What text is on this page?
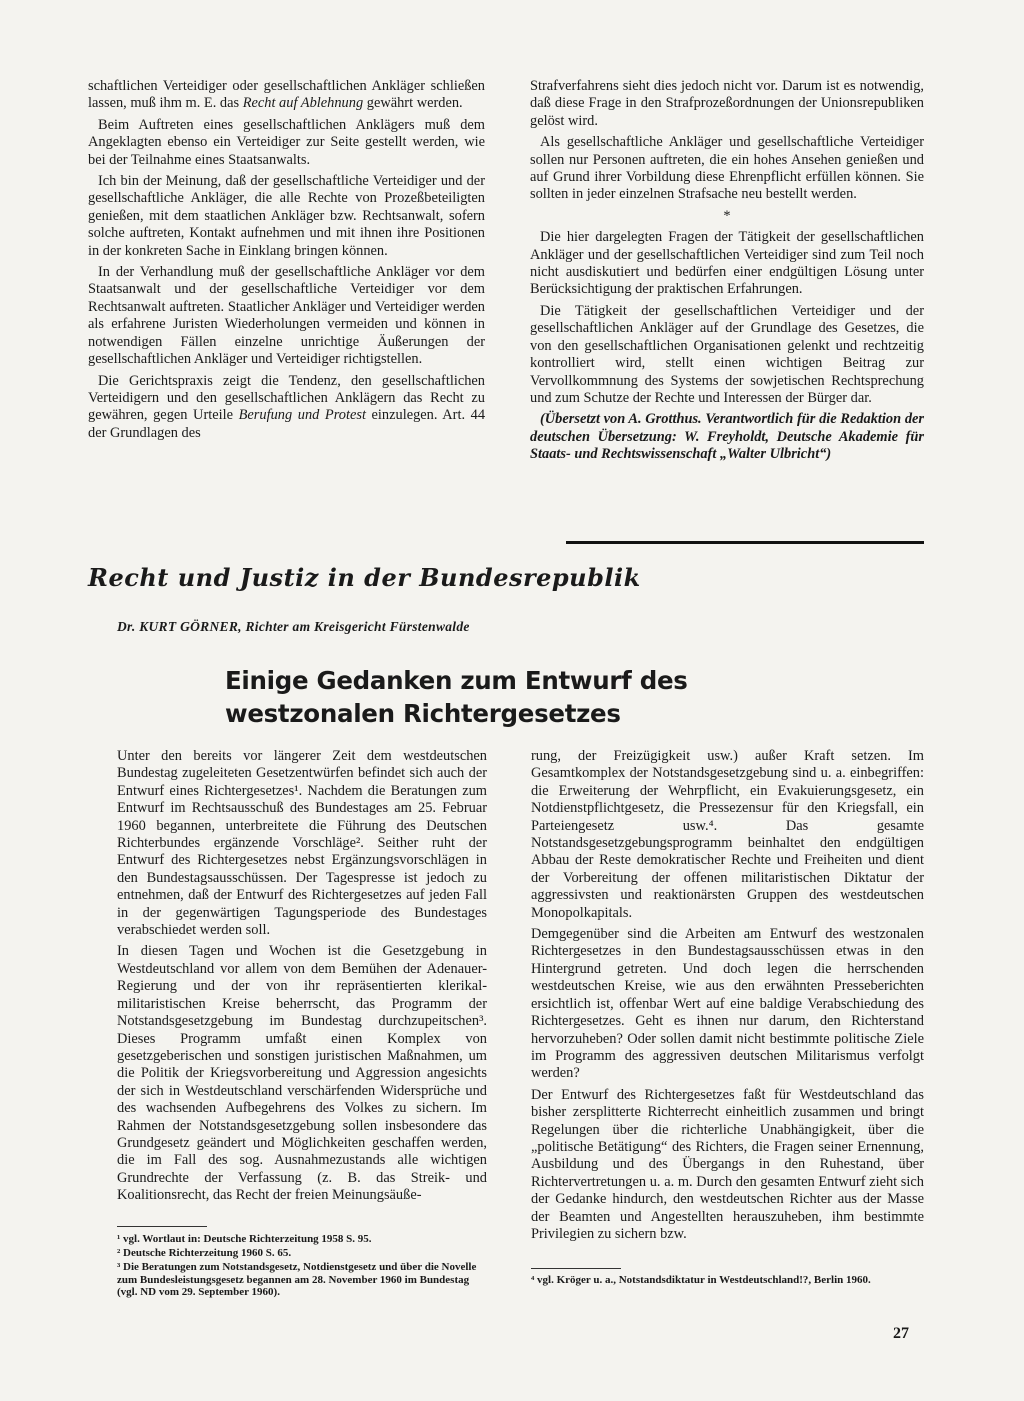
schaftlichen Verteidiger oder gesellschaftlichen Ankläger schließen lassen, muß ihm m. E. das Recht auf Ablehnung gewährt werden.

Beim Auftreten eines gesellschaftlichen Anklägers muß dem Angeklagten ebenso ein Verteidiger zur Seite gestellt werden, wie bei der Teilnahme eines Staatsanwalts.

Ich bin der Meinung, daß der gesellschaftliche Verteidiger und der gesellschaftliche Ankläger, die alle Rechte von Prozeßbeteiligten genießen, mit dem staatlichen Ankläger bzw. Rechtsanwalt, sofern solche auftreten, Kontakt aufnehmen und mit ihnen ihre Positionen in der konkreten Sache in Einklang bringen können.

In der Verhandlung muß der gesellschaftliche Ankläger vor dem Staatsanwalt und der gesellschaftliche Verteidiger vor dem Rechtsanwalt auftreten. Staatlicher Ankläger und Verteidiger werden als erfahrene Juristen Wiederholungen vermeiden und können in notwendigen Fällen einzelne unrichtige Äußerungen der gesellschaftlichen Ankläger und Verteidiger richtigstellen.

Die Gerichtspraxis zeigt die Tendenz, den gesellschaftlichen Verteidigern und den gesellschaftlichen Anklägern das Recht zu gewähren, gegen Urteile Berufung und Protest einzulegen. Art. 44 der Grundlagen des

Strafverfahrens sieht dies jedoch nicht vor. Darum ist es notwendig, daß diese Frage in den Strafprozeßordnungen der Unionsrepubliken gelöst wird.

Als gesellschaftliche Ankläger und gesellschaftliche Verteidiger sollen nur Personen auftreten, die ein hohes Ansehen genießen und auf Grund ihrer Vorbildung diese Ehrenpflicht erfüllen können. Sie sollten in jeder einzelnen Strafsache neu bestellt werden.

*

Die hier dargelegten Fragen der Tätigkeit der gesellschaftlichen Ankläger und der gesellschaftlichen Verteidiger sind zum Teil noch nicht ausdiskutiert und bedürfen einer endgültigen Lösung unter Berücksichtigung der praktischen Erfahrungen.

Die Tätigkeit der gesellschaftlichen Verteidiger und der gesellschaftlichen Ankläger auf der Grundlage des Gesetzes, die von den gesellschaftlichen Organisationen gelenkt und rechtzeitig kontrolliert wird, stellt einen wichtigen Beitrag zur Vervollkommnung des Systems der sowjetischen Rechtsprechung und zum Schutze der Rechte und Interessen der Bürger dar.

(Übersetzt von A. Grotthus. Verantwortlich für die Redaktion der deutschen Übersetzung: W. Freyholdt, Deutsche Akademie für Staats- und Rechtswissenschaft „Walter Ulbricht“)

Recht und Justiz in der Bundesrepublik
Dr. KURT GÖRNER, Richter am Kreisgericht Fürstenwalde
Einige Gedanken zum Entwurf des westzonalen Richtergesetzes

Unter den bereits vor längerer Zeit dem westdeutschen Bundestag zugeleiteten Gesetzentwürfen befindet sich auch der Entwurf eines Richtergesetzes¹. Nachdem die Beratungen zum Entwurf im Rechtsausschuß des Bundestages am 25. Februar 1960 begannen, unterbreitete die Führung des Deutschen Richterbundes ergänzende Vorschläge². Seither ruht der Entwurf des Richtergesetzes nebst Ergänzungsvorschlägen in den Bundestagsausschüssen. Der Tagespresse ist jedoch zu entnehmen, daß der Entwurf des Richtergesetzes auf jeden Fall in der gegenwärtigen Tagungsperiode des Bundestages verabschiedet werden soll.

In diesen Tagen und Wochen ist die Gesetzgebung in Westdeutschland vor allem von dem Bemühen der Adenauer-Regierung und der von ihr repräsentierten klerikal-militaristischen Kreise beherrscht, das Programm der Notstandsgesetzgebung im Bundestag durchzupeitschen³. Dieses Programm umfaßt einen Komplex von gesetzgeberischen und sonstigen juristischen Maßnahmen, um die Politik der Kriegsvorbereitung und Aggression angesichts der sich in Westdeutschland verschärfenden Widersprüche und des wachsenden Aufbegehrens des Volkes zu sichern. Im Rahmen der Notstandsgesetzgebung sollen insbesondere das Grundgesetz geändert und Möglichkeiten geschaffen werden, die im Fall des sog. Ausnahmezustands alle wichtigen Grundrechte der Verfassung (z. B. das Streik- und Koalitionsrecht, das Recht der freien Meinungsäuße-

rung, der Freizügigkeit usw.) außer Kraft setzen. Im Gesamtkomplex der Notstandsgesetzgebung sind u. a. einbegriffen: die Erweiterung der Wehrpflicht, ein Evakuierungsgesetz, ein Notdienstpflichtgesetz, die Pressezensur für den Kriegsfall, ein Parteiengesetz usw.⁴. Das gesamte Notstandsgesetzgebungsprogramm beinhaltet den endgültigen Abbau der Reste demokratischer Rechte und Freiheiten und dient der Vorbereitung der offenen militaristischen Diktatur der aggressivsten und reaktionärsten Gruppen des westdeutschen Monopolkapitals.

Demgegenüber sind die Arbeiten am Entwurf des westzonalen Richtergesetzes in den Bundestagsausschüssen etwas in den Hintergrund getreten. Und doch legen die herrschenden westdeutschen Kreise, wie aus den erwähnten Presseberichten ersichtlich ist, offenbar Wert auf eine baldige Verabschiedung des Richtergesetzes. Geht es ihnen nur darum, den Richterstand hervorzuheben? Oder sollen damit nicht bestimmte politische Ziele im Programm des aggressiven deutschen Militarismus verfolgt werden?

Der Entwurf des Richtergesetzes faßt für Westdeutschland das bisher zersplitterte Richterrecht einheitlich zusammen und bringt Regelungen über die richterliche Unabhängigkeit, über die „politische Betätigung“ des Richters, die Fragen seiner Ernennung, Ausbildung und des Übergangs in den Ruhestand, über Richtervertretungen u. a. m. Durch den gesamten Entwurf zieht sich der Gedanke hindurch, den westdeutschen Richter aus der Masse der Beamten und Angestellten herauszuheben, ihm bestimmte Privilegien zu sichern bzw.

¹ vgl. Wortlaut in: Deutsche Richterzeitung 1958 S. 95.

² Deutsche Richterzeitung 1960 S. 65.

³ Die Beratungen zum Notstandsgesetz, Notdienstgesetz und über die Novelle zum Bundesleistungsgesetz begannen am 28. November 1960 im Bundestag (vgl. ND vom 29. September 1960).

⁴ vgl. Kröger u. a., Notstandsdiktatur in Westdeutschland!?, Berlin 1960.

27
